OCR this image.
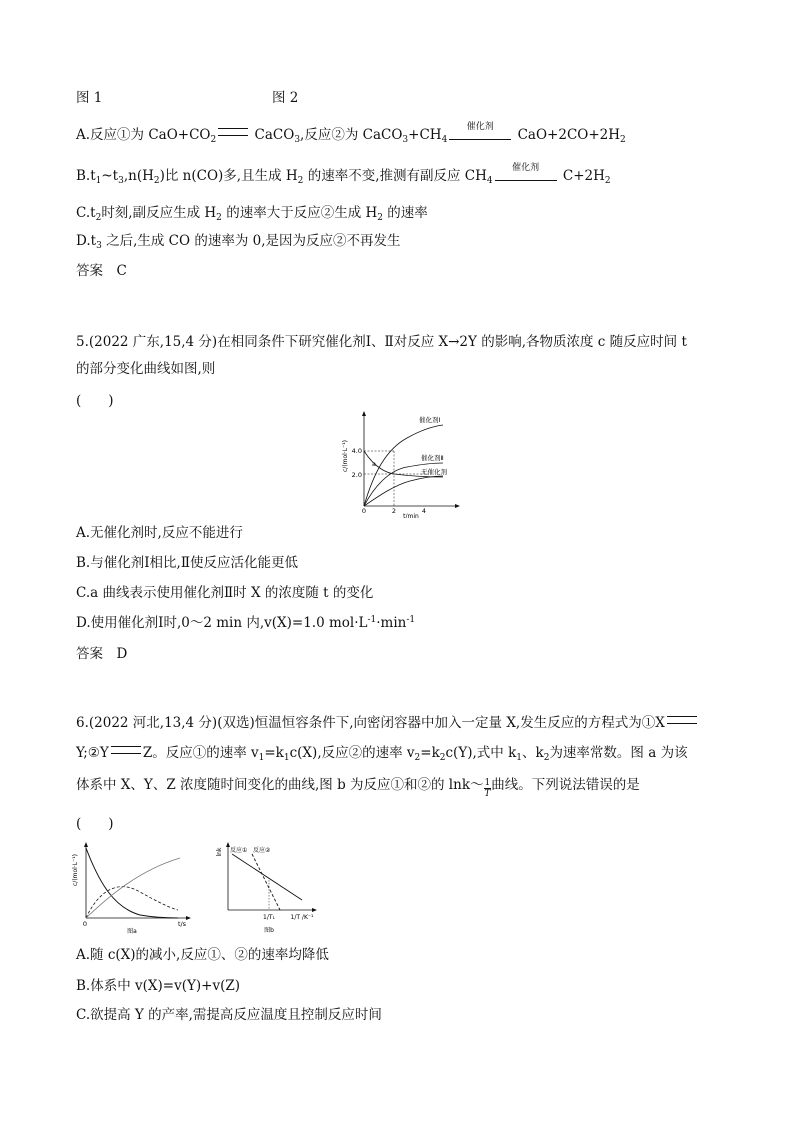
图 1	图 2
A.反应①为 $CaO+CO_2$	CaCO$_3$,反应②为 $CaCO_3+CH_4$
催化剂	$CaO+2CO+2H_2$
$B.t_1\sim t_3,n(H_2)$比 n(CO)多,且生成 $H_2$ 的速率不变,推测有副反应 $CH_4$
催化剂	$C+2H_2$
$C.t_2$时刻,副反应生成 $H_2$ 的速率大于反应②生成 $H_2$ 的速率
$D.t_3$ 之后,生成 CO 的速率为 0,是因为反应②不再发生
答案　C
5.(2022 广东,15,4 分)在相同条件下研究催化剂Ⅰ、Ⅱ对反应 X→2Y 的影响,各物质浓度 c 随反应时间 t
的部分变化曲线如图,则
(　　)
c/(mol·L⁻¹) 4.0
2.0
0	2	4
t/min
a
催化剂Ⅰ
催化剂Ⅱ
无催化剂
A.无催化剂时,反应不能进行
B.与催化剂Ⅰ相比,Ⅱ使反应活化能更低
C.a 曲线表示使用催化剂Ⅱ时 X 的浓度随 t 的变化
D.使用催化剂Ⅰ时,0～2 min 内,v(X)=1.0 $mol\cdot L^{-1}\cdot\min^{-1}$
答案　D
6.(2022 河北,13,4 分)(双选)恒温恒容条件下,向密闭容器中加入一定量 X,发生反应的方程式为①X
Y;②Y	Z。反应①的速率 $v_1=k_1c(X)$,反应②的速率 $v_2=k_2c(Y)$,式中 $k_1$、$k_2$为速率常数。图 a 为该
体系中 X、Y、Z 浓度随时间变化的曲线,图 b 为反应①和②的 lnk～ $\frac{1}{T}$ 曲线。下列说法错误的是
(　　)
c/(mol·L⁻¹)
0	t/s
图a
lnk 反应① 反应②
1/T₁	1/T /K⁻¹
图b
A.随 c(X)的减小,反应①、②的速率均降低
B.体系中 v(X)=v(Y)+v(Z)
C.欲提高 Y 的产率,需提高反应温度且控制反应时间
